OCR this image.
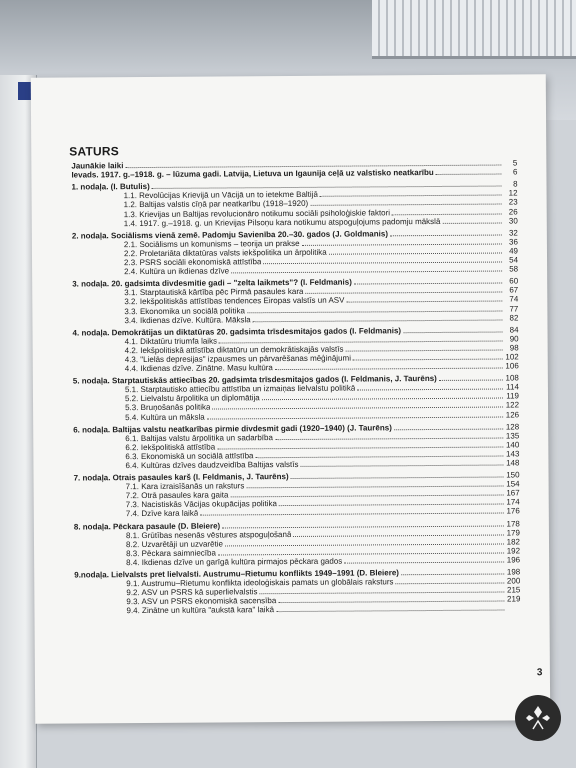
SATURS
Jaunākie laiki	5
Ievads. 1917. g.–1918. g. – lūzuma gadi. Latvija, Lietuva un Igaunija ceļā uz valstisko neatkarību	6
1. nodaļa. (I. Butulis)	8
1.1. Revolūcijas Krievijā un Vācijā un to ietekme Baltijā	12
1.2. Baltijas valstis cīņā par neatkarību (1918–1920)	23
1.3. Krievijas un Baltijas revolucionāro notikumu sociāli psiholoģiskie faktori	26
1.4. 1917. g.–1918. g. un Krievijas Pilsoņu kara notikumu atspoguļojums padomju mākslā	30
2. nodaļa. Sociālisms vienā zemē. Padomju Savienība 20.–30. gados (J. Goldmanis)	32
2.1. Sociālisms un komunisms – teorija un prakse	36
2.2. Proletariāta diktatūras valsts iekšpolitika un ārpolitika	49
2.3. PSRS sociāli ekonomiskā attīstība	54
2.4. Kultūra un ikdienas dzīve	58
3. nodaļa. 20. gadsimta divdesmitie gadi – "zelta laikmets"? (I. Feldmanis)	60
3.1. Starptautiskā kārtība pēc Pirmā pasaules kara	67
3.2. Iekšpolitiskās attīstības tendences Eiropas valstīs un ASV	74
3.3. Ekonomika un sociālā politika	77
3.4. Ikdienas dzīve. Kultūra. Māksla	82
4. nodaļa. Demokrātijas un diktatūras 20. gadsimta trīsdesmitajos gados (I. Feldmanis)	84
4.1. Diktatūru triumfa laiks	90
4.2. Iekšpolitiskā attīstība diktatūru un demokrātiskajās valstīs	98
4.3. "Lielās depresijas" izpausmes un pārvarēšanas mēģinājumi	102
4.4. Ikdienas dzīve. Zinātne. Masu kultūra	106
5. nodaļa. Starptautiskās attiecības 20. gadsimta trīsdesmitajos gados (I. Feldmanis, J. Taurēns)	108
5.1. Starptautisko attiecību attīstība un izmaiņas lielvalstu politikā	114
5.2. Lielvalstu ārpolitika un diplomātija	119
5.3. Bruņošanās politika	122
5.4. Kultūra un māksla	126
6. nodaļa. Baltijas valstu neatkarības pirmie divdesmit gadi (1920–1940) (J. Taurēns)	128
6.1. Baltijas valstu ārpolitika un sadarbība	135
6.2. Iekšpolitiskā attīstība	140
6.3. Ekonomiskā un sociālā attīstība	143
6.4. Kultūras dzīves daudzveidība Baltijas valstīs	148
7. nodaļa. Otrais pasaules karš (I. Feldmanis, J. Taurēns)	150
7.1. Kara izraisīšanās un raksturs	154
7.2. Otrā pasaules kara gaita	167
7.3. Nacistiskās Vācijas okupācijas politika	174
7.4. Dzīve kara laikā	176
8. nodaļa. Pēckara pasaule (D. Bleiere)	178
8.1. Grūtības nesenās vēstures atspoguļošanā	179
8.2. Uzvarētāji un uzvarētie	182
8.3. Pēckara saimniecība	192
8.4. Ikdienas dzīve un garīgā kultūra pirmajos pēckara gados	196
9.nodaļa. Lielvalsts pret lielvalsti. Austrumu–Rietumu konflikts 1949–1991 (D. Bleiere)	198
9.1. Austrumu–Rietumu konflikta ideoloģiskais pamats un globālais raksturs	200
9.2. ASV un PSRS kā superlielvalstis	215
9.3. ASV un PSRS ekonomiskā sacensība	219
9.4. Zinātne un kultūra "aukstā kara" laikā
3
